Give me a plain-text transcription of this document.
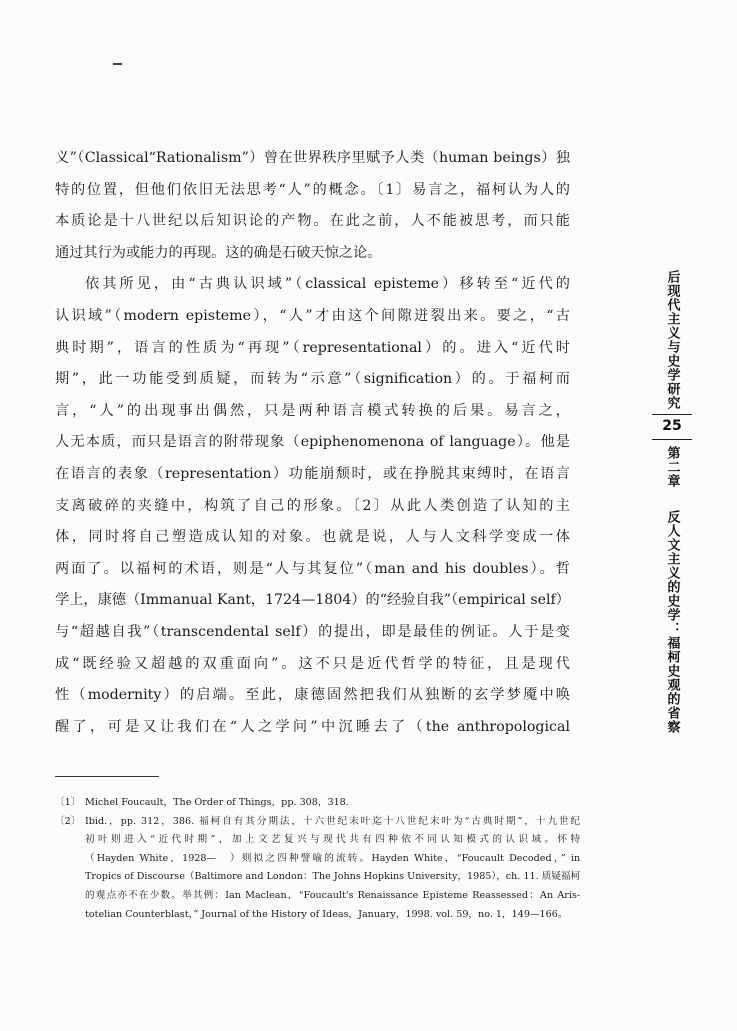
义”（Classical“Rationalism”）曾在世界秩序里赋予人类（human beings）独
特的位置，但他们依旧无法思考“人”的概念。〔1〕易言之，福柯认为人的
本质论是十八世纪以后知识论的产物。在此之前，人不能被思考，而只能
通过其行为或能力的再现。这的确是石破天惊之论。

依其所见，由“古典认识域”（classical episteme）移转至“近代的
认识域”（modern episteme），“人”才由这个间隙迸裂出来。要之，“古
典时期”，语言的性质为“再现”（representational）的。进入“近代时
期”，此一功能受到质疑，而转为“示意”（signification）的。于福柯而
言，“人”的出现事出偶然，只是两种语言模式转换的后果。易言之，
人无本质，而只是语言的附带现象（epiphenomenona of language）。他是
在语言的表象（representation）功能崩颓时，或在挣脱其束缚时，在语言
支离破碎的夹缝中，构筑了自己的形象。〔2〕从此人类创造了认知的主
体，同时将自己塑造成认知的对象。也就是说，人与人文科学变成一体
两面了。以福柯的术语，则是“人与其复位”（man and his doubles）。哲
学上，康德（Immanual Kant，1724—1804）的“经验自我”（empirical self）
与“超越自我”（transcendental self）的提出，即是最佳的例证。人于是变
成“既经验又超越的双重面向”。这不只是近代哲学的特征，且是现代
性（modernity）的启端。至此，康德固然把我们从独断的玄学梦魇中唤
醒了，可是又让我们在“人之学问”中沉睡去了（the anthropological

后现代主义与史学研究
25
第二章
反人文主义的史学：福柯史观的省察
〔1〕 Michel Foucault，The Order of Things，pp. 308，318.
〔2〕 Ibid.，pp. 312，386. 福柯自有其分期法，十六世纪末叶迄十八世纪末叶为“古典时期”，十九世纪
初叶则进入“近代时期”，加上文艺复兴与现代共有四种依不同认知模式的认识域。怀特
（Hayden White，1928—　）则拟之四种譬喻的流转。Hayden White，“Foucault Decoded，” in
Tropics of Discourse（Baltimore and London：The Johns Hopkins University，1985），ch. 11. 质疑福柯
的观点亦不在少数。举其例：Ian Maclean，“Foucault's Renaissance Episteme Reassessed：An Aris-
totelian Counterblast，” Journal of the History of Ideas，January，1998. vol. 59，no. 1，149—166。
